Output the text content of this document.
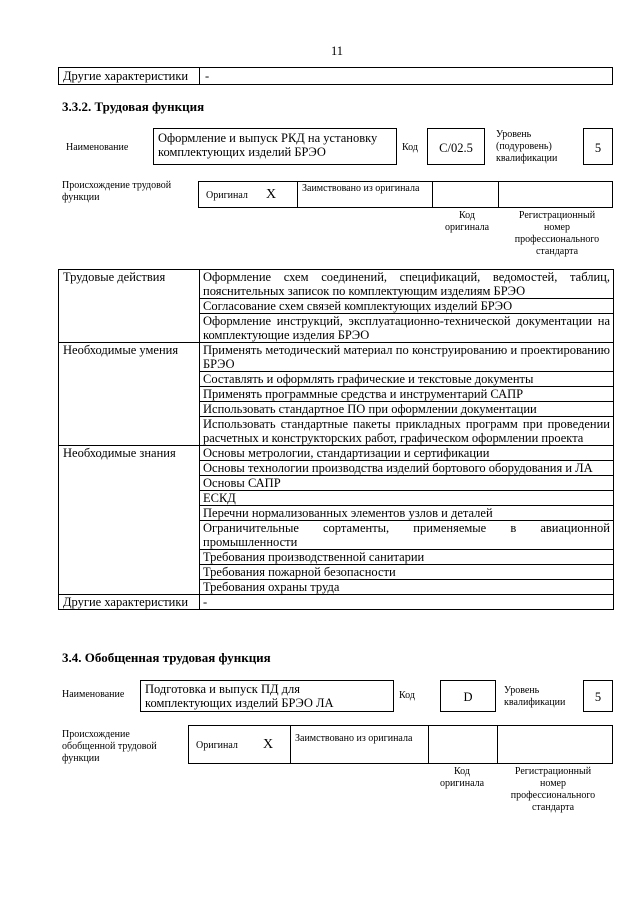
11
Другие характеристики -
3.3.2. Трудовая функция
Наименование
Оформление и выпуск РКД на установку комплектующих изделий БРЭО	Код	C/02.5
Уровень (подуровень) квалификации
5
Происхождение трудовой функции	Оригинал X	Заимствовано из оригинала
Код оригинала
Регистрационный номер профессионального стандарта
Трудовые действия	Оформление схем соединений, спецификаций, ведомостей, таблиц, пояснительных записок по комплектующим изделиям БРЭО
	Согласование схем связей комплектующих изделий БРЭО
	Оформление инструкций, эксплуатационно-технической документации на комплектующие изделия БРЭО
Необходимые умения	Применять методический материал по конструированию и проектированию БРЭО
	Составлять и оформлять графические и текстовые документы
	Применять программные средства и инструментарий САПР
	Использовать стандартное ПО при оформлении документации
	Использовать стандартные пакеты прикладных программ при проведении расчетных и конструкторских работ, графическом оформлении проекта
Необходимые знания	Основы метрологии, стандартизации и сертификации
	Основы технологии производства изделий бортового оборудования и ЛА
	Основы САПР
	ЕСКД
	Перечни нормализованных элементов узлов и деталей
	Ограничительные сортаменты, применяемые в авиационной промышленности
	Требования производственной санитарии
	Требования пожарной безопасности
	Требования охраны труда
Другие характеристики	-
3.4. Обобщенная трудовая функция
Наименование Подготовка и выпуск ПД для комплектующих изделий БРЭО ЛА
Код	D	Уровень квалификации	5
Происхождение обобщенной трудовой функции
Оригинал X Заимствовано из оригинала
Код оригинала
Регистрационный номер профессионального стандарта
